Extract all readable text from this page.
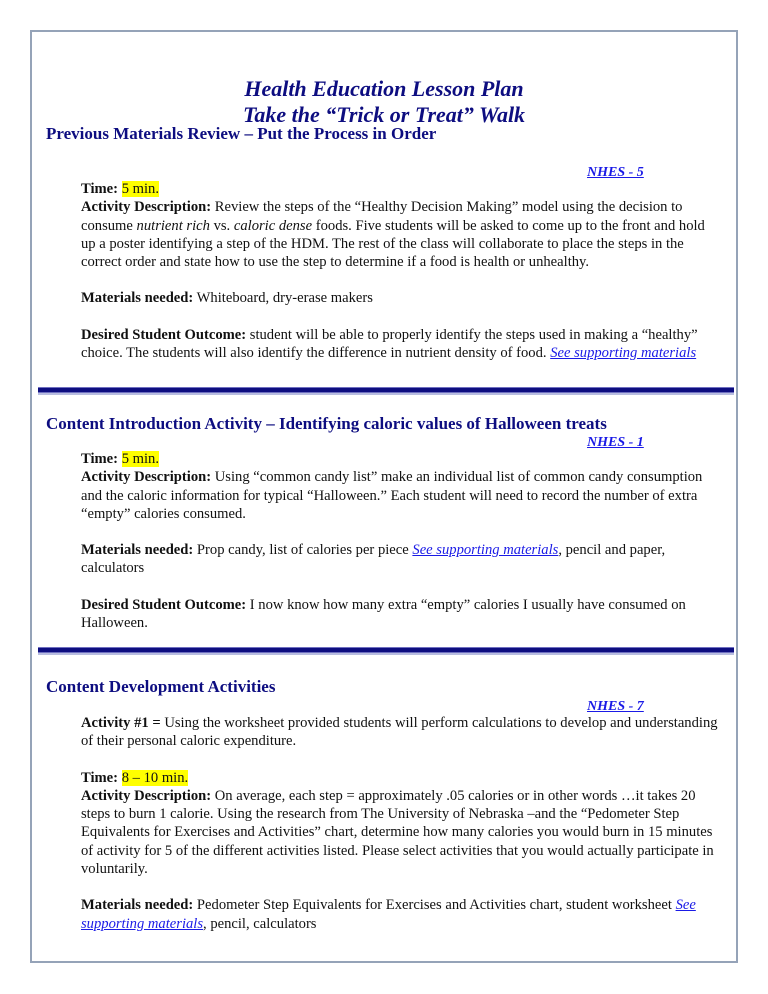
Health Education Lesson Plan
Take the “Trick or Treat” Walk
Previous Materials Review – Put the Process in Order
NHES - 5

Time: 5 min.

Activity Description: Review the steps of the “Healthy Decision Making” model using the decision to consume nutrient rich vs. caloric dense foods. Five students will be asked to come up to the front and hold up a poster identifying a step of the HDM. The rest of the class will collaborate to place the steps in the correct order and state how to use the step to determine if a food is health or unhealthy.

Materials needed: Whiteboard, dry-erase makers

Desired Student Outcome: student will be able to properly identify the steps used in making a “healthy” choice. The students will also identify the difference in nutrient density of food. See supporting materials

Content Introduction Activity – Identifying caloric values of Halloween treats
NHES - 1

Time: 5 min.

Activity Description: Using “common candy list” make an individual list of common candy consumption and the caloric information for typical “Halloween.” Each student will need to record the number of extra “empty” calories consumed.

Materials needed: Prop candy, list of calories per piece See supporting materials, pencil and paper, calculators

Desired Student Outcome: I now know how many extra “empty” calories I usually have consumed on Halloween.

Content Development Activities
NHES - 7

Activity #1 = Using the worksheet provided students will perform calculations to develop and understanding of their personal caloric expenditure.

Time: 8 – 10 min.

Activity Description: On average, each step = approximately .05 calories or in other words …it takes 20 steps to burn 1 calorie. Using the research from The University of Nebraska –and the “Pedometer Step Equivalents for Exercises and Activities” chart, determine how many calories you would burn in 15 minutes of activity for 5 of the different activities listed. Please select activities that you would actually participate in voluntarily.

Materials needed: Pedometer Step Equivalents for Exercises and Activities chart, student worksheet See supporting materials, pencil, calculators
